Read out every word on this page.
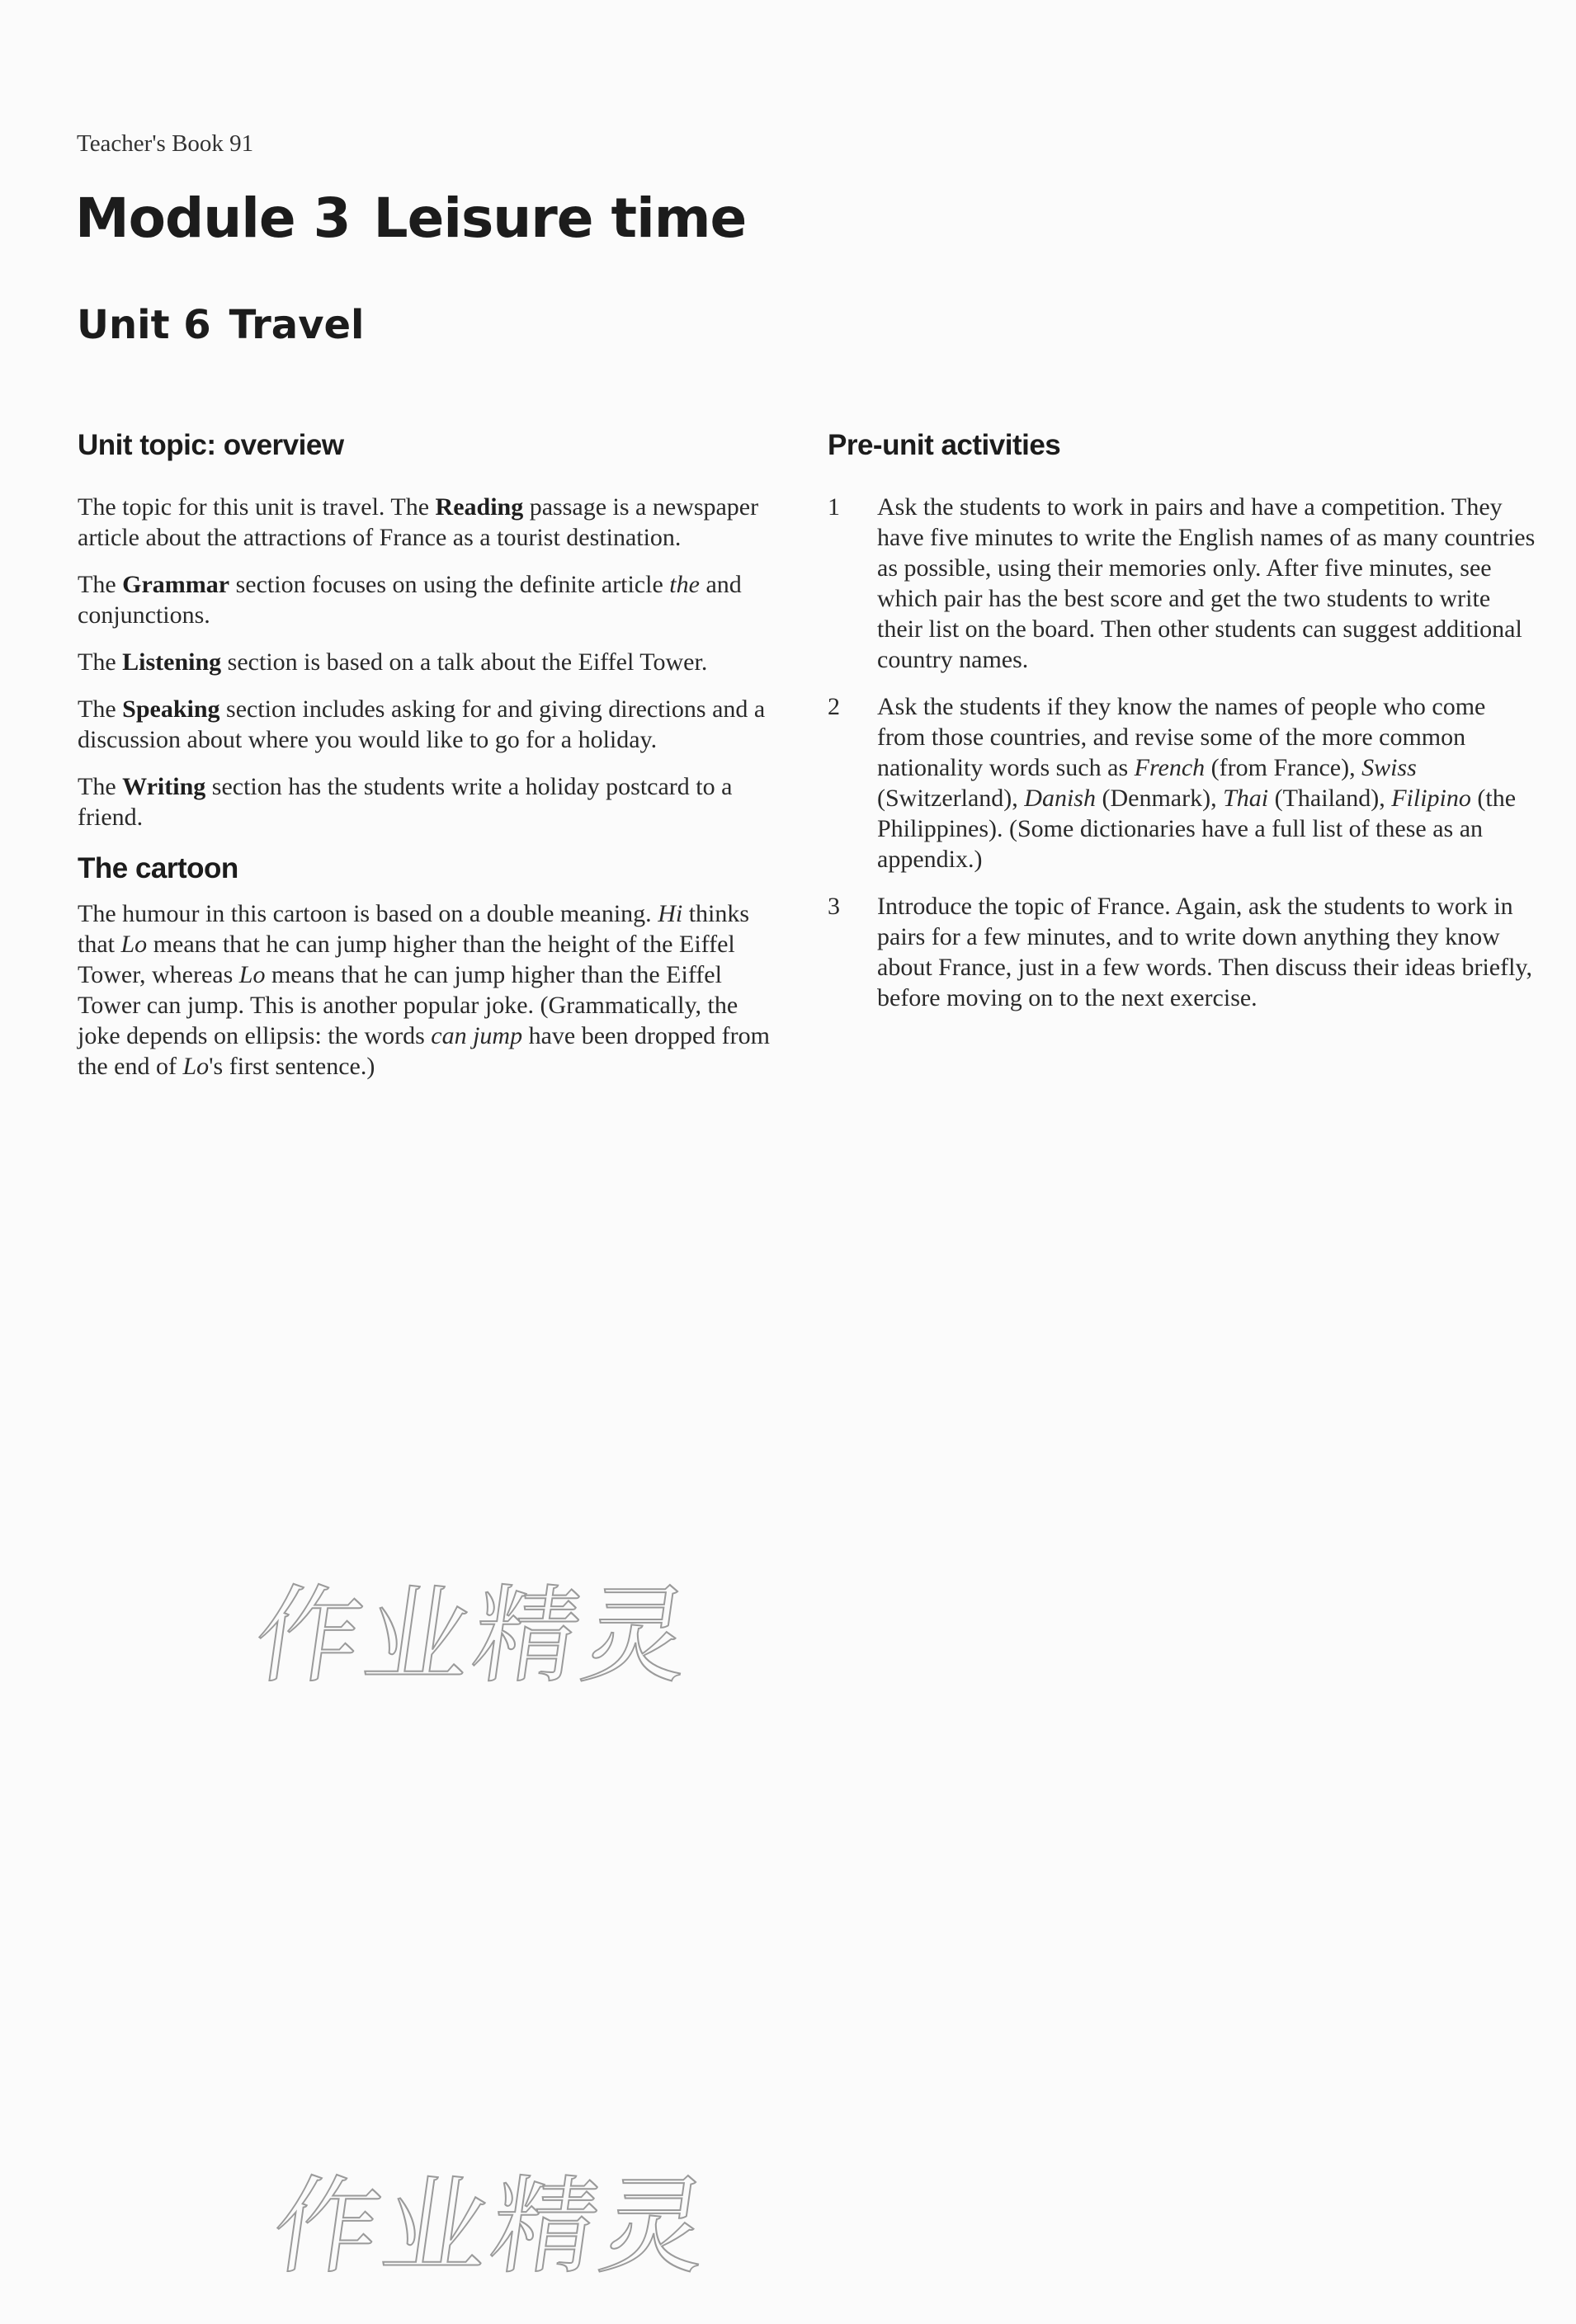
Teacher's Book 91
Module 3 Leisure time
Unit 6 Travel
Unit topic: overview

The topic for this unit is travel. The Reading passage is a newspaper article about the attractions of France as a tourist destination.

The Grammar section focuses on using the definite article the and conjunctions.

The Listening section is based on a talk about the Eiffel Tower.

The Speaking section includes asking for and giving directions and a discussion about where you would like to go for a holiday.

The Writing section has the students write a holiday postcard to a friend.

The cartoon

The humour in this cartoon is based on a double meaning. Hi thinks that Lo means that he can jump higher than the height of the Eiffel Tower, whereas Lo means that he can jump higher than the Eiffel Tower can jump. This is another popular joke. (Grammatically, the joke depends on ellipsis: the words can jump have been dropped from the end of Lo's first sentence.)

Pre-unit activities
1	Ask the students to work in pairs and have a competition. They have five minutes to write the English names of as many countries as possible, using their memories only. After five minutes, see which pair has the best score and get the two students to write their list on the board. Then other students can suggest additional country names.
2	Ask the students if they know the names of people who come from those countries, and revise some of the more common nationality words such as French (from France), Swiss (Switzerland), Danish (Denmark), Thai (Thailand), Filipino (the Philippines). (Some dictionaries have a full list of these as an appendix.)
3	Introduce the topic of France. Again, ask the students to work in pairs for a few minutes, and to write down anything they know about France, just in a few words. Then discuss their ideas briefly, before moving on to the next exercise.
作业精灵
作业精灵
